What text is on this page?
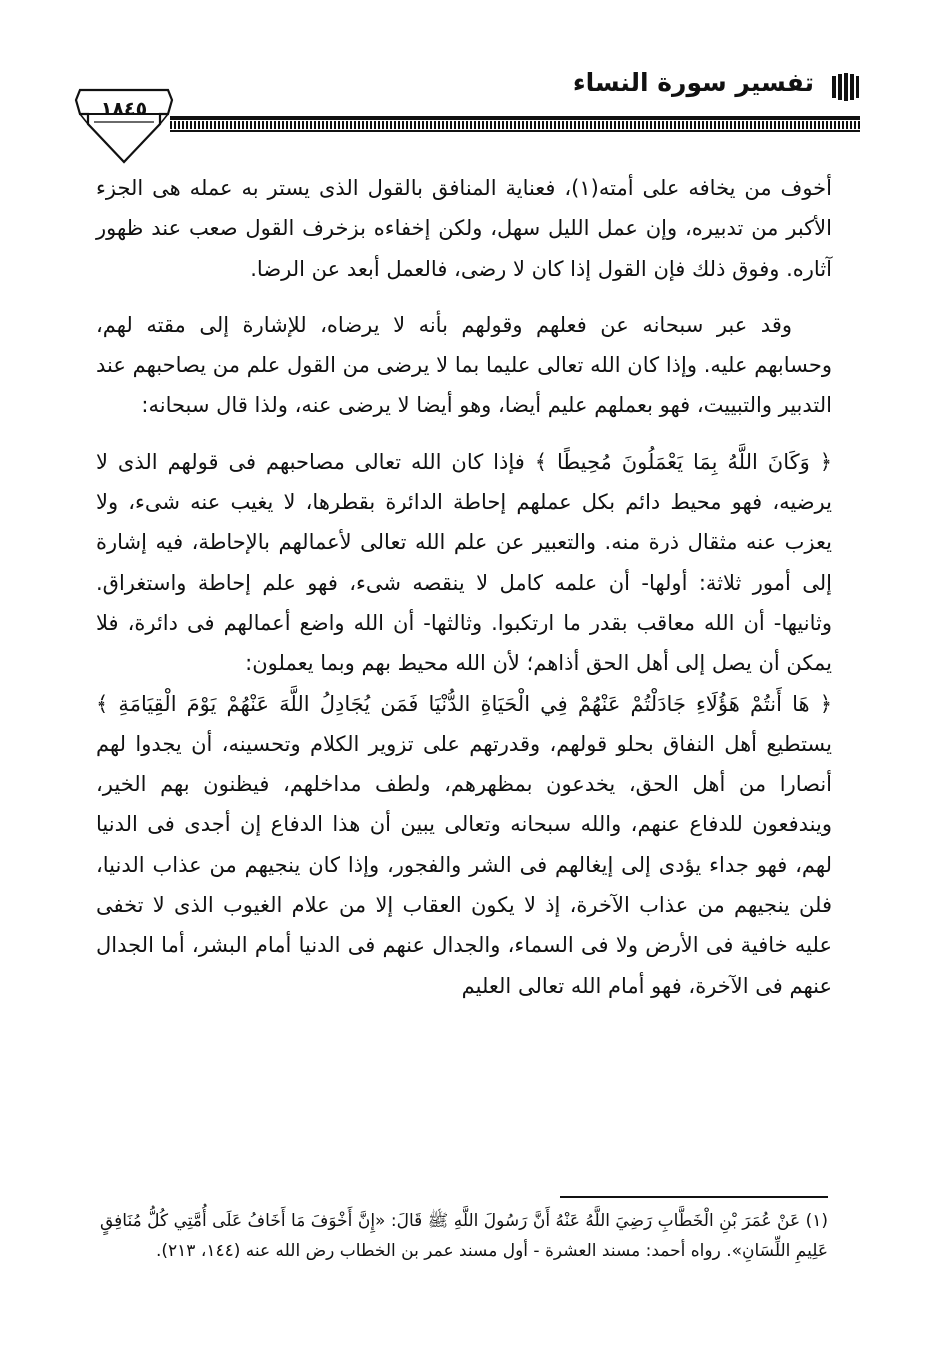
تفسير سورة النساء
١٨٤٥

أخوف من يخافه على أمته(١)، فعناية المنافق بالقول الذى يستر به عمله هى الجزء الأكبر من تدبيره، وإن عمل الليل سهل، ولكن إخفاءه بزخرف القول صعب عند ظهور آثاره. وفوق ذلك فإن القول إذا كان لا رضى، فالعمل أبعد عن الرضا.

وقد عبر سبحانه عن فعلهم وقولهم بأنه لا يرضاه، للإشارة إلى مقته لهم، وحسابهم عليه. وإذا كان الله تعالى عليما بما لا يرضى من القول علم من يصاحبهم عند التدبير والتبييت، فهو بعملهم عليم أيضا، وهو أيضا لا يرضى عنه، ولذا قال سبحانه:

﴿ وَكَانَ اللَّهُ بِمَا يَعْمَلُونَ مُحِيطًا ﴾ فإذا كان الله تعالى مصاحبهم فى قولهم الذى لا يرضيه، فهو محيط دائم بكل عملهم إحاطة الدائرة بقطرها، لا يغيب عنه شىء، ولا يعزب عنه مثقال ذرة منه. والتعبير عن علم الله تعالى لأعمالهم بالإحاطة، فيه إشارة إلى أمور ثلاثة: أولها- أن علمه كامل لا ينقصه شىء، فهو علم إحاطة واستغراق. وثانيها- أن الله معاقب بقدر ما ارتكبوا. وثالثها- أن الله واضع أعمالهم فى دائرة، فلا يمكن أن يصل إلى أهل الحق أذاهم؛ لأن الله محيط بهم وبما يعملون:

﴿ هَا أَنتُمْ هَؤُلَاءِ جَادَلْتُمْ عَنْهُمْ فِي الْحَيَاةِ الدُّنْيَا فَمَن يُجَادِلُ اللَّهَ عَنْهُمْ يَوْمَ الْقِيَامَةِ ﴾ يستطيع أهل النفاق بحلو قولهم، وقدرتهم على تزوير الكلام وتحسينه، أن يجدوا لهم أنصارا من أهل الحق، يخدعون بمظهرهم، ولطف مداخلهم، فيظنون بهم الخير، ويندفعون للدفاع عنهم، والله سبحانه وتعالى يبين أن هذا الدفاع إن أجدى فى الدنيا لهم، فهو جداء يؤدى إلى إيغالهم فى الشر والفجور، وإذا كان ينجيهم من عذاب الدنيا، فلن ينجيهم من عذاب الآخرة، إذ لا يكون العقاب إلا من علام الغيوب الذى لا تخفى عليه خافية فى الأرض ولا فى السماء، والجدال عنهم فى الدنيا أمام البشر، أما الجدال عنهم فى الآخرة، فهو أمام الله تعالى العليم

(١) عَنْ عُمَرَ بْنِ الْخَطَّابِ رَضِيَ اللَّهُ عَنْهُ أَنَّ رَسُولَ اللَّهِ ﷺ قَالَ: «إِنَّ أَخْوَفَ مَا أَخَافُ عَلَى أُمَّتِي كُلُّ مُنَافِقٍ عَلِيمِ اللِّسَانِ». رواه أحمد: مسند العشرة - أول مسند عمر بن الخطاب رض الله عنه (١٤٤، ٢١٣).
